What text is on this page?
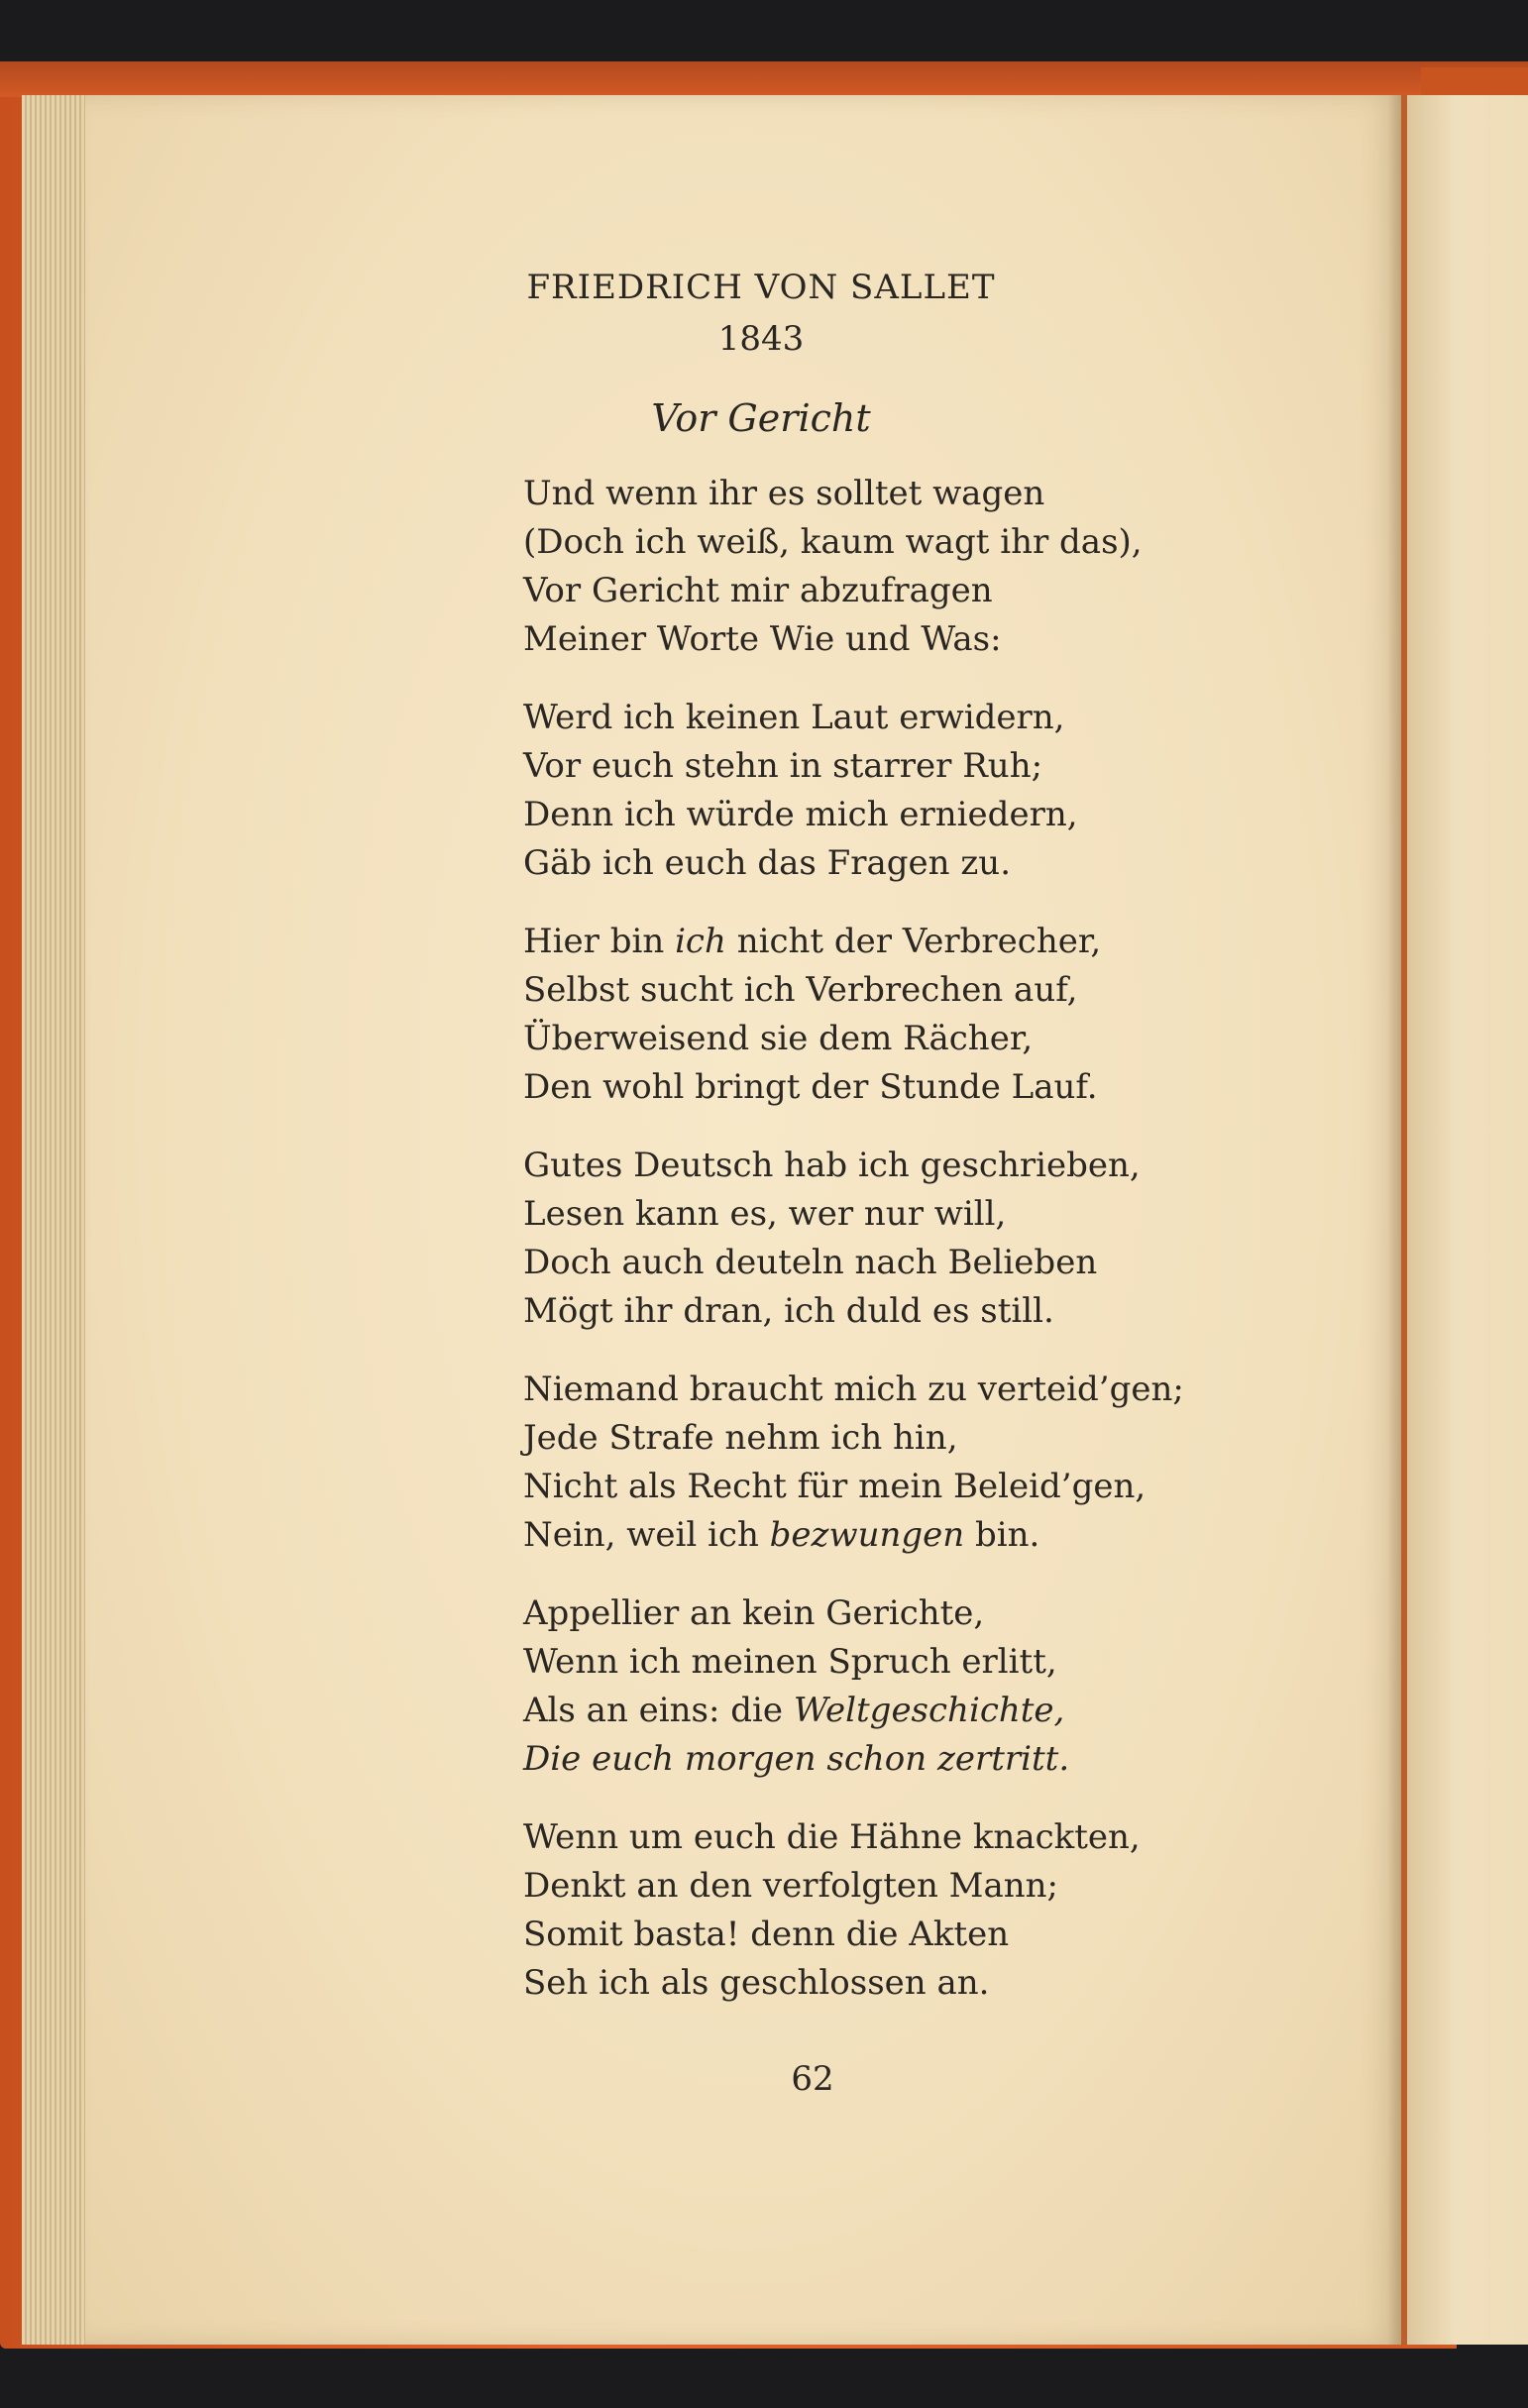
FRIEDRICH VON SALLET
1843
Vor Gericht
Und wenn ihr es solltet wagen
(Doch ich weiß, kaum wagt ihr das),
Vor Gericht mir abzufragen
Meiner Worte Wie und Was:
Werd ich keinen Laut erwidern,
Vor euch stehn in starrer Ruh;
Denn ich würde mich erniedern,
Gäb ich euch das Fragen zu.
Hier bin ich nicht der Verbrecher,
Selbst sucht ich Verbrechen auf,
Überweisend sie dem Rächer,
Den wohl bringt der Stunde Lauf.
Gutes Deutsch hab ich geschrieben,
Lesen kann es, wer nur will,
Doch auch deuteln nach Belieben
Mögt ihr dran, ich duld es still.
Niemand braucht mich zu verteid’gen;
Jede Strafe nehm ich hin,
Nicht als Recht für mein Beleid’gen,
Nein, weil ich bezwungen bin.
Appellier an kein Gerichte,
Wenn ich meinen Spruch erlitt,
Als an eins: die Weltgeschichte,
Die euch morgen schon zertritt.
Wenn um euch die Hähne knackten,
Denkt an den verfolgten Mann;
Somit basta! denn die Akten
Seh ich als geschlossen an.
62
